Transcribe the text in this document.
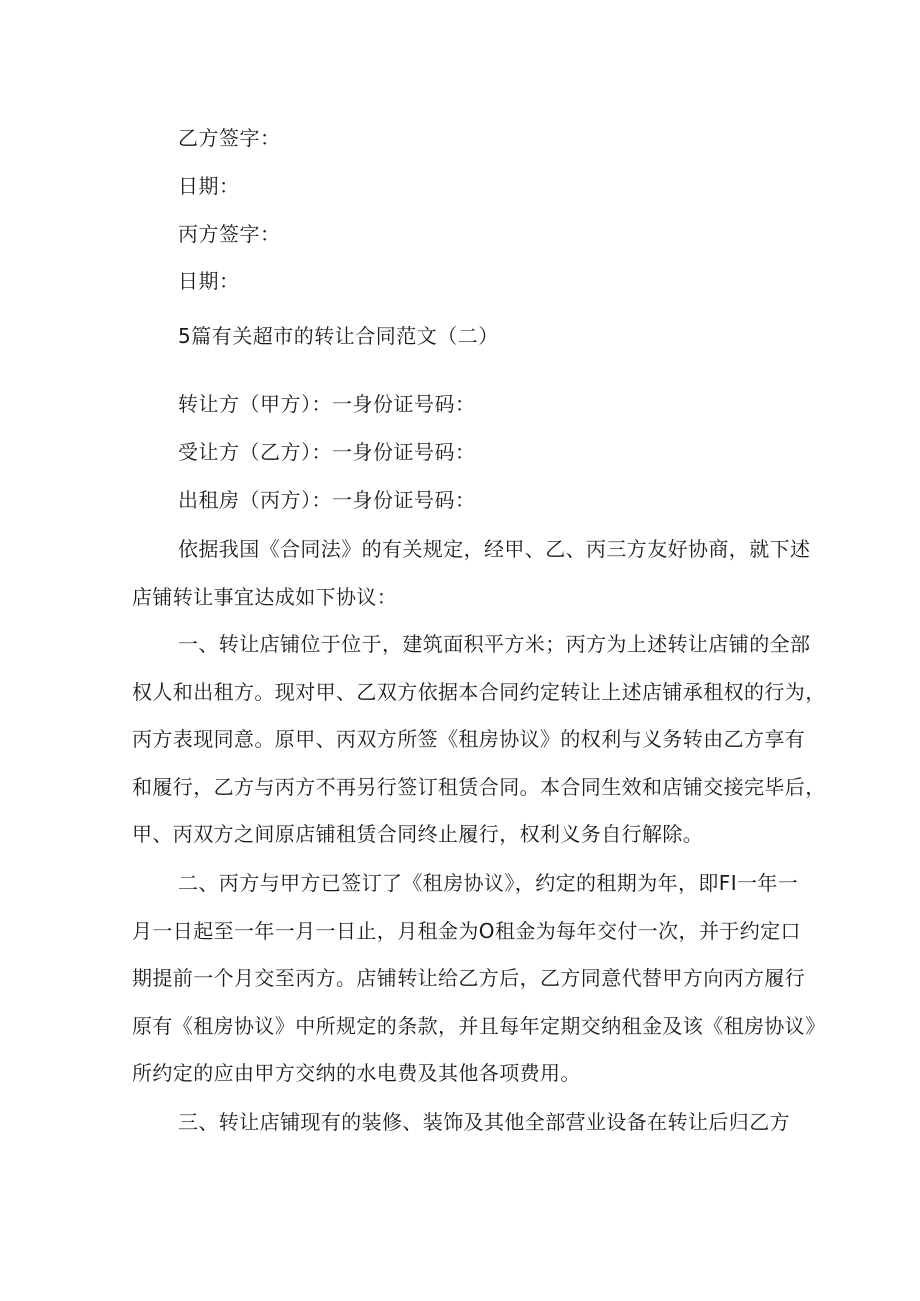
乙方签字：
日期：
丙方签字：
日期：
5篇有关超市的转让合同范文（二）
转让方（甲方）：一身份证号码：
受让方（乙方）：一身份证号码：
出租房（丙方）：一身份证号码：
依据我国《合同法》的有关规定，经甲、乙、丙三方友好协商，就下述
店铺转让事宜达成如下协议：
一、转让店铺位于位于，建筑面积平方米；丙方为上述转让店铺的全部
权人和出租方。现对甲、乙双方依据本合同约定转让上述店铺承租权的行为，
丙方表现同意。原甲、丙双方所签《租房协议》的权利与义务转由乙方享有
和履行，乙方与丙方不再另行签订租赁合同。本合同生效和店铺交接完毕后，
甲、丙双方之间原店铺租赁合同终止履行，权利义务自行解除。
二、丙方与甲方已签订了《租房协议》，约定的租期为年，即FI一年一
月一日起至一年一月一日止，月租金为O租金为每年交付一次，并于约定口
期提前一个月交至丙方。店铺转让给乙方后，乙方同意代替甲方向丙方履行
原有《租房协议》中所规定的条款，并且每年定期交纳租金及该《租房协议》
所约定的应由甲方交纳的水电费及其他各项费用。
三、转让店铺现有的装修、装饰及其他全部营业设备在转让后归乙方
